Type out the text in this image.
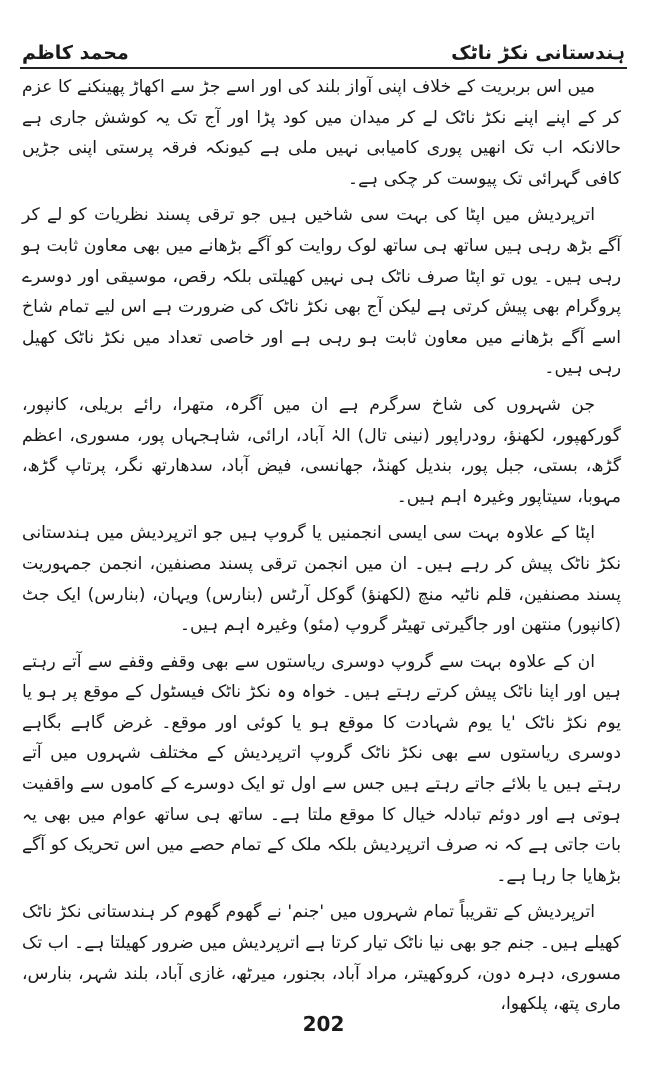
ہندستانی نکڑ ناٹک
محمد کاظم

میں اس بربریت کے خلاف اپنی آواز بلند کی اور اسے جڑ سے اکھاڑ پھینکنے کا عزم کر کے اپنے اپنے نکڑ ناٹک لے کر میدان میں کود پڑا اور آج تک یہ کوشش جاری ہے حالانکہ اب تک انھیں پوری کامیابی نہیں ملی ہے کیونکہ فرقہ پرستی اپنی جڑیں کافی گہرائی تک پیوست کر چکی ہے۔

اترپردیش میں اپٹا کی بہت سی شاخیں ہیں جو ترقی پسند نظریات کو لے کر آگے بڑھ رہی ہیں ساتھ ہی ساتھ لوک روایت کو آگے بڑھانے میں بھی معاون ثابت ہو رہی ہیں۔ یوں تو اپٹا صرف ناٹک ہی نہیں کھیلتی بلکہ رقص، موسیقی اور دوسرے پروگرام بھی پیش کرتی ہے لیکن آج بھی نکڑ ناٹک کی ضرورت ہے اس لیے تمام شاخ اسے آگے بڑھانے میں معاون ثابت ہو رہی ہے اور خاصی تعداد میں نکڑ ناٹک کھیل رہی ہیں۔

جن شہروں کی شاخ سرگرم ہے ان میں آگرہ، متھرا، رائے بریلی، کانپور، گورکھپور، لکھنؤ، رودراپور (نینی تال) الہٰ آباد، ارائی، شاہجہاں پور، مسوری، اعظم گڑھ، بستی، جبل پور، بندیل کھنڈ، جھانسی، فیض آباد، سدھارتھ نگر، پرتاپ گڑھ، مہوبا، سیتاپور وغیرہ اہم ہیں۔

اپٹا کے علاوہ بہت سی ایسی انجمنیں یا گروپ ہیں جو اترپردیش میں ہندستانی نکڑ ناٹک پیش کر رہے ہیں۔ ان میں انجمن ترقی پسند مصنفین، انجمن جمہوریت پسند مصنفین، قلم ناٹیہ منچ (لکھنؤ) گوکل آرٹس (بنارس) ویہان، (بنارس) ایک جٹ (کانپور) منتھن اور جاگیرتی تھیٹر گروپ (مئو) وغیرہ اہم ہیں۔

ان کے علاوہ بہت سے گروپ دوسری ریاستوں سے بھی وقفے وقفے سے آتے رہتے ہیں اور اپنا ناٹک پیش کرتے رہتے ہیں۔ خواہ وہ نکڑ ناٹک فیسٹول کے موقع پر ہو یا یوم نکڑ ناٹک 'یا یوم شہادت کا موقع ہو یا کوئی اور موقع۔ غرض گاہے بگاہے دوسری ریاستوں سے بھی نکڑ ناٹک گروپ اترپردیش کے مختلف شہروں میں آتے رہتے ہیں یا بلائے جاتے رہتے ہیں جس سے اول تو ایک دوسرے کے کاموں سے واقفیت ہوتی ہے اور دوئم تبادلہ خیال کا موقع ملتا ہے۔ ساتھ ہی ساتھ عوام میں بھی یہ بات جاتی ہے کہ نہ صرف اترپردیش بلکہ ملک کے تمام حصے میں اس تحریک کو آگے بڑھایا جا رہا ہے۔

اترپردیش کے تقریباً تمام شہروں میں 'جنم' نے گھوم گھوم کر ہندستانی نکڑ ناٹک کھیلے ہیں۔ جنم جو بھی نیا ناٹک تیار کرتا ہے اترپردیش میں ضرور کھیلتا ہے۔ اب تک مسوری، دہرہ دون، کروکھیتر، مراد آباد، بجنور، میرٹھ، غازی آباد، بلند شہر، بنارس، ماری پتھ، پلکھوا،

202
